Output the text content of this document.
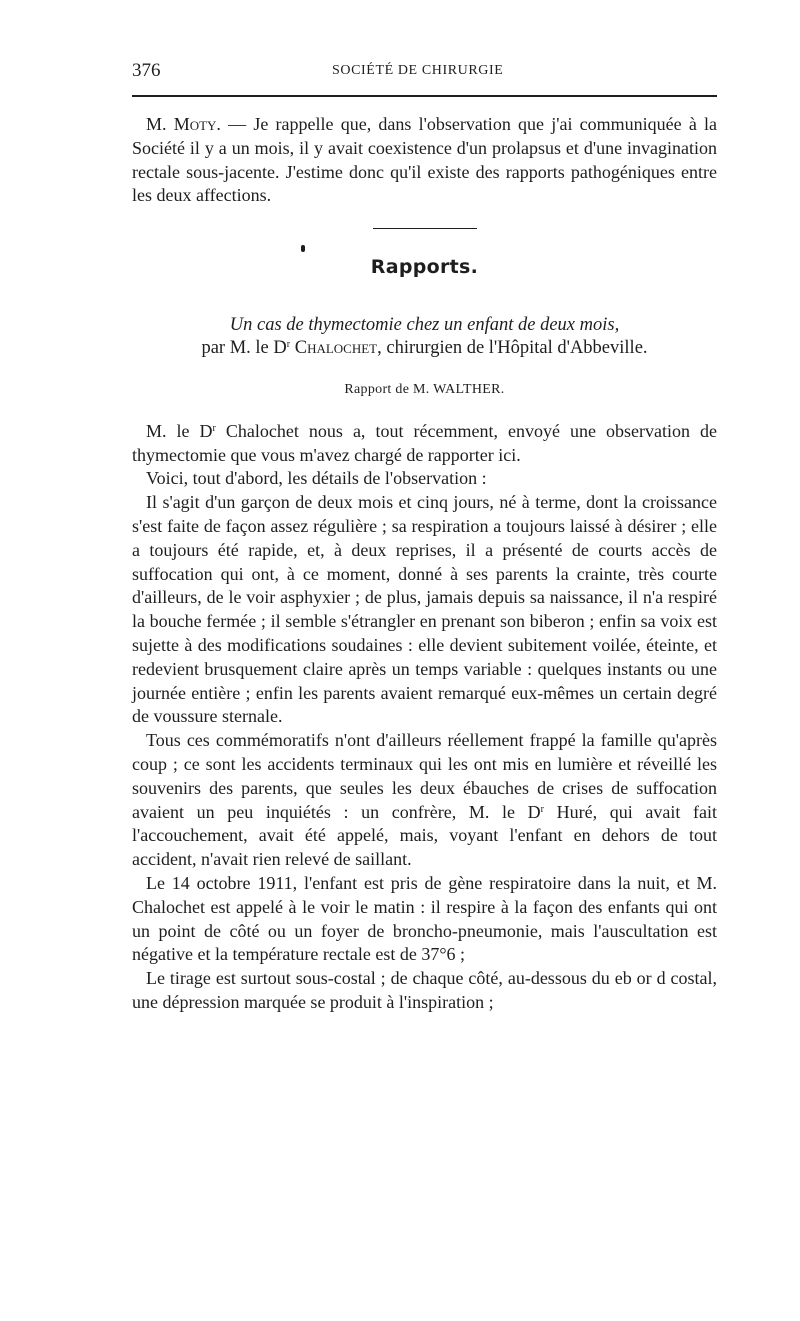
376	SOCIÉTÉ DE CHIRURGIE

M. Moty. — Je rappelle que, dans l'observation que j'ai communiquée à la Société il y a un mois, il y avait coexistence d'un prolapsus et d'une invagination rectale sous-jacente. J'estime donc qu'il existe des rapports pathogéniques entre les deux affections.

Rapports.
Un cas de thymectomie chez un enfant de deux mois,
par M. le $D^r$ Chalochet, chirurgien de l'Hôpital d'Abbeville.
Rapport de M. WALTHER.

M. le $D^r$ Chalochet nous a, tout récemment, envoyé une observation de thymectomie que vous m'avez chargé de rapporter ici.

Voici, tout d'abord, les détails de l'observation :

Il s'agit d'un garçon de deux mois et cinq jours, né à terme, dont la croissance s'est faite de façon assez régulière ; sa respiration a toujours laissé à désirer ; elle a toujours été rapide, et, à deux reprises, il a présenté de courts accès de suffocation qui ont, à ce moment, donné à ses parents la crainte, très courte d'ailleurs, de le voir asphyxier ; de plus, jamais depuis sa naissance, il n'a respiré la bouche fermée ; il semble s'étrangler en prenant son biberon ; enfin sa voix est sujette à des modifications soudaines : elle devient subitement voilée, éteinte, et redevient brusquement claire après un temps variable : quelques instants ou une journée entière ; enfin les parents avaient remarqué eux-mêmes un certain degré de voussure sternale.

Tous ces commémoratifs n'ont d'ailleurs réellement frappé la famille qu'après coup ; ce sont les accidents terminaux qui les ont mis en lumière et réveillé les souvenirs des parents, que seules les deux ébauches de crises de suffocation avaient un peu inquiétés : un confrère, M. le $D^r$ Huré, qui avait fait l'accouchement, avait été appelé, mais, voyant l'enfant en dehors de tout accident, n'avait rien relevé de saillant.

Le 14 octobre 1911, l'enfant est pris de gène respiratoire dans la nuit, et M. Chalochet est appelé à le voir le matin : il respire à la façon des enfants qui ont un point de côté ou un foyer de broncho-pneumonie, mais l'auscultation est négative et la température rectale est de 37°6 ;

Le tirage est surtout sous-costal ; de chaque côté, au-dessous du eb or d costal, une dépression marquée se produit à l'inspiration ;
